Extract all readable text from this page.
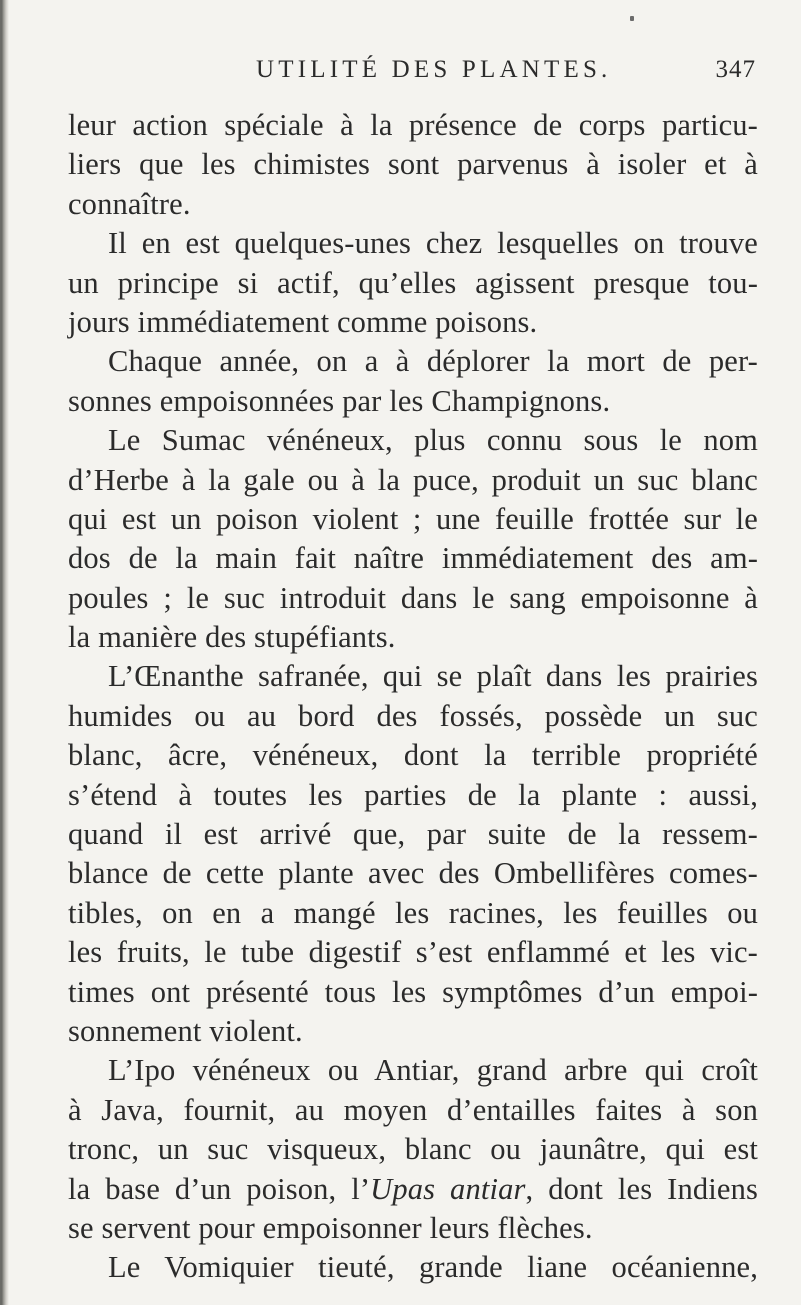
UTILITÉ DES PLANTES.	347
leur action spéciale à la présence de corps particu-
liers que les chimistes sont parvenus à isoler et à
connaître.
Il en est quelques-unes chez lesquelles on trouve
un principe si actif, qu’elles agissent presque tou-
jours immédiatement comme poisons.
Chaque année, on a à déplorer la mort de per-
sonnes empoisonnées par les Champignons.
Le Sumac vénéneux, plus connu sous le nom
d’Herbe à la gale ou à la puce, produit un suc blanc
qui est un poison violent ; une feuille frottée sur le
dos de la main fait naître immédiatement des am-
poules ; le suc introduit dans le sang empoisonne à
la manière des stupéfiants.
L’Œnanthe safranée, qui se plaît dans les prairies
humides ou au bord des fossés, possède un suc
blanc, âcre, vénéneux, dont la terrible propriété
s’étend à toutes les parties de la plante : aussi,
quand il est arrivé que, par suite de la ressem-
blance de cette plante avec des Ombellifères comes-
tibles, on en a mangé les racines, les feuilles ou
les fruits, le tube digestif s’est enflammé et les vic-
times ont présenté tous les symptômes d’un empoi-
sonnement violent.
L’Ipo vénéneux ou Antiar, grand arbre qui croît
à Java, fournit, au moyen d’entailles faites à son
tronc, un suc visqueux, blanc ou jaunâtre, qui est
la base d’un poison, l’Upas antiar, dont les Indiens
se servent pour empoisonner leurs flèches.
Le Vomiquier tieuté, grande liane océanienne,
